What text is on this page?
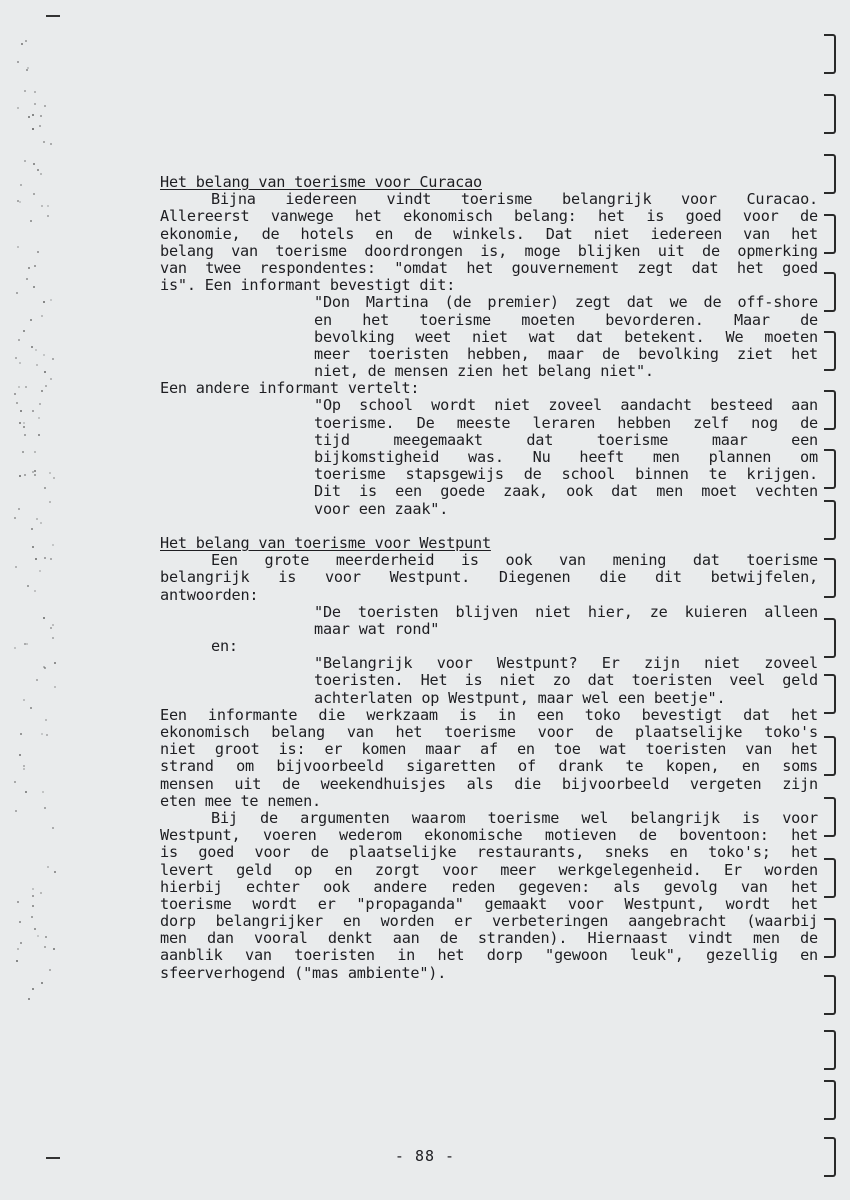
Het belang van toerisme voor Curacao
Bijna iedereen vindt toerisme belangrijk voor Curacao.
Allereerst vanwege het ekonomisch belang: het is goed voor de
ekonomie, de hotels en de winkels. Dat niet iedereen van het
belang van toerisme doordrongen is, moge blijken uit de opmerking
van twee respondentes: "omdat het gouvernement zegt dat het goed
is". Een informant bevestigt dit:
"Don Martina (de premier) zegt dat we de off-shore
en het toerisme moeten bevorderen. Maar de
bevolking weet niet wat dat betekent. We moeten
meer toeristen hebben, maar de bevolking ziet het
niet, de mensen zien het belang niet".
Een andere informant vertelt:
"Op school wordt niet zoveel aandacht besteed aan
toerisme. De meeste leraren hebben zelf nog de
tijd	meegemaakt	dat	toerisme	maar	een
bijkomstigheid was. Nu heeft men plannen om
toerisme stapsgewijs de school binnen te krijgen.
Dit is een goede zaak, ook dat men moet vechten
voor een zaak".
Het belang van toerisme voor Westpunt
Een grote meerderheid is ook van mening dat toerisme
belangrijk is voor Westpunt. Diegenen die dit betwijfelen,
antwoorden:
"De toeristen blijven niet hier, ze kuieren alleen
maar wat rond"
en:
"Belangrijk voor Westpunt? Er zijn niet zoveel
toeristen. Het is niet zo dat toeristen veel geld
achterlaten op Westpunt, maar wel een beetje".
Een informante die werkzaam is in een toko bevestigt dat het
ekonomisch belang van het toerisme voor de plaatselijke toko's
niet groot is: er komen maar af en toe wat toeristen van het
strand om bijvoorbeeld sigaretten of drank te kopen, en soms
mensen uit de weekendhuisjes als die bijvoorbeeld vergeten zijn
eten mee te nemen.
Bij de argumenten waarom toerisme wel belangrijk is voor
Westpunt, voeren wederom ekonomische motieven de boventoon: het
is goed voor de plaatselijke restaurants, sneks en toko's; het
levert geld op en zorgt voor meer werkgelegenheid. Er worden
hierbij echter ook andere reden gegeven: als gevolg van het
toerisme wordt er "propaganda" gemaakt voor Westpunt, wordt het
dorp belangrijker en worden er verbeteringen aangebracht (waarbij
men dan vooral denkt aan de stranden). Hiernaast vindt men de
aanblik van toeristen in het dorp "gewoon leuk", gezellig en
sfeerverhogend ("mas ambiente").
- 88 -
